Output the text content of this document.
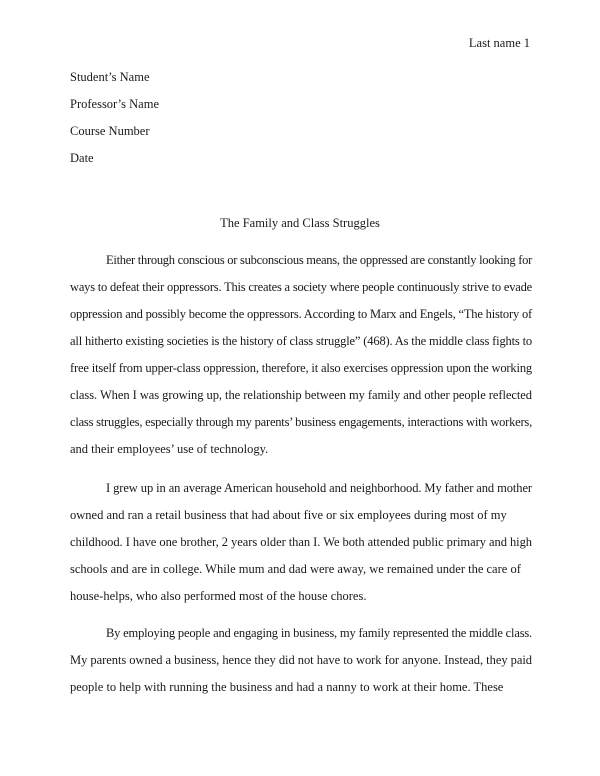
Last name 1
Student’s Name
Professor’s Name
Course Number
Date
The Family and Class Struggles
Either through conscious or subconscious means, the oppressed are constantly looking for
ways to defeat their oppressors. This creates a society where people continuously strive to evade
oppression and possibly become the oppressors. According to Marx and Engels, “The history of
all hitherto existing societies is the history of class struggle” (468). As the middle class fights to
free itself from upper-class oppression, therefore, it also exercises oppression upon the working
class. When I was growing up, the relationship between my family and other people reflected
class struggles, especially through my parents’ business engagements, interactions with workers,
and their employees’ use of technology.
I grew up in an average American household and neighborhood. My father and mother
owned and ran a retail business that had about five or six employees during most of my
childhood. I have one brother, 2 years older than I. We both attended public primary and high
schools and are in college. While mum and dad were away, we remained under the care of
house-helps, who also performed most of the house chores.
By employing people and engaging in business, my family represented the middle class.
My parents owned a business, hence they did not have to work for anyone. Instead, they paid
people to help with running the business and had a nanny to work at their home. These
